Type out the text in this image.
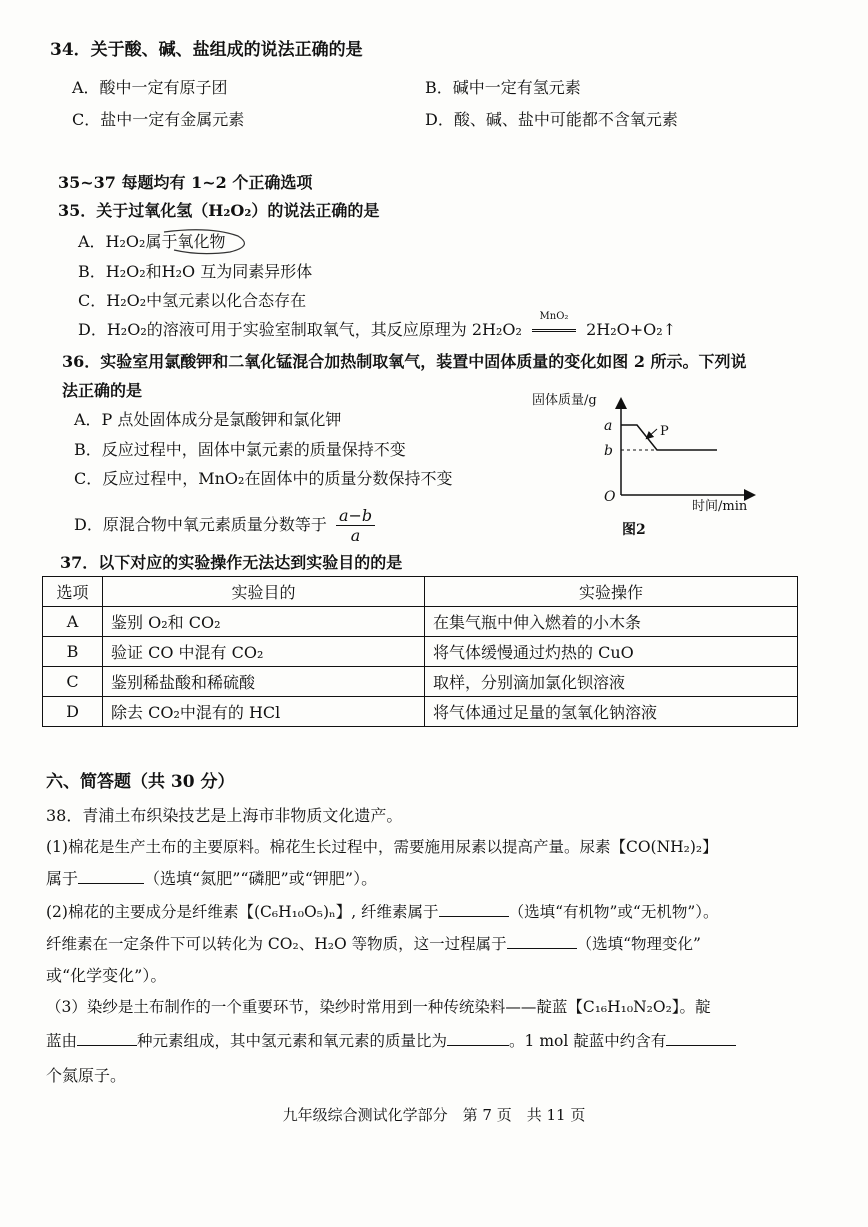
34．关于酸、碱、盐组成的说法正确的是
A．酸中一定有原子团	B．碱中一定有氢元素
C．盐中一定有金属元素	D．酸、碱、盐中可能都不含氧元素
35~37 每题均有 1~2 个正确选项
35．关于过氧化氢（H₂O₂）的说法正确的是
A．H₂O₂属于氧化物
B．H₂O₂和H₂O 互为同素异形体
C．H₂O₂中氢元素以化合态存在
D．H₂O₂的溶液可用于实验室制取氧气，其反应原理为 2H₂O₂
MnO₂
2H₂O+O₂↑
36．实验室用氯酸钾和二氧化锰混合加热制取氧气，装置中固体质量的变化如图 2 所示。下列说
法正确的是
A．P 点处固体成分是氯酸钾和氯化钾
B．反应过程中，固体中氯元素的质量保持不变
C．反应过程中，MnO₂在固体中的质量分数保持不变
D．原混合物中氧元素质量分数等于 $\frac{a-b}{a}$
固体质量/g
a
b
O
P
时间/min
图2
37．以下对应的实验操作无法达到实验目的的是
选项	实验目的	实验操作
A	鉴别 O₂和 CO₂	在集气瓶中伸入燃着的小木条
B	验证 CO 中混有 CO₂	将气体缓慢通过灼热的 CuO
C	鉴别稀盐酸和稀硫酸	取样，分别滴加氯化钡溶液
D	除去 CO₂中混有的 HCl	将气体通过足量的氢氧化钠溶液
六、简答题（共 30 分）
38．青浦土布织染技艺是上海市非物质文化遗产。
(1)棉花是生产土布的主要原料。棉花生长过程中，需要施用尿素以提高产量。尿素【CO(NH₂)₂】
属于	（选填“氮肥”“磷肥”或“钾肥”）。
(2)棉花的主要成分是纤维素【(C₆H₁₀O₅)ₙ】, 纤维素属于	（选填“有机物”或“无机物”）。
纤维素在一定条件下可以转化为 CO₂、H₂O 等物质，这一过程属于	（选填“物理变化”
或“化学变化”）。
（3）染纱是土布制作的一个重要环节，染纱时常用到一种传统染料——靛蓝【C₁₆H₁₀N₂O₂】。靛
蓝由	种元素组成，其中氢元素和氧元素的质量比为	。1 mol 靛蓝中约含有
个氮原子。
九年级综合测试化学部分　第 7 页　共 11 页
